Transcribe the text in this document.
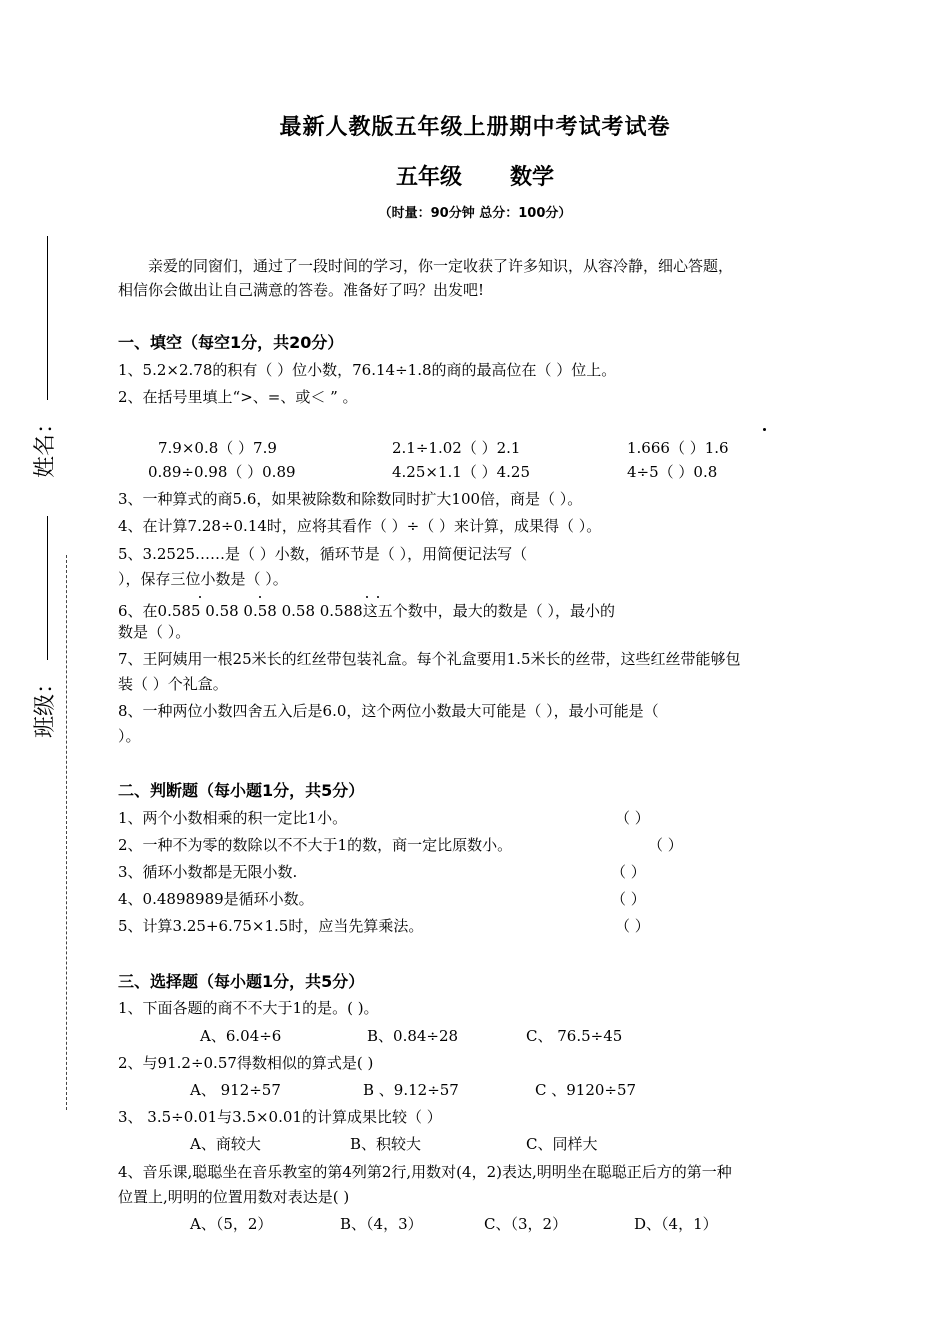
最新人教版五年级上册期中考试考试卷
五年级 数学
（时量：90分钟 总分：100分）
姓名：
班级：
亲爱的同窗们，通过了一段时间的学习，你一定收获了许多知识，从容冷静，细心答题，
相信你会做出让自己满意的答卷。准备好了吗？出发吧!
一、填空（每空1分，共20分）
1、5.2×2.78的积有（ ）位小数，76.14÷1.8的商的最高位在（ ）位上。
2、在括号里填上“>、=、或＜ ” 。
7.9×0.8（ ）7.9	2.1÷1.02（ ）2.1	1.666（ ）1.6
0.89÷0.98（ ）0.89	4.25×1.1（ ）4.25	4÷5（ ）0.8
3、一种算式的商5.6，如果被除数和除数同时扩大100倍，商是（ ）。
4、在计算7.28÷0.14时，应将其看作（ ）÷（ ）来计算，成果得（ ）。
5、3.2525……是（ ）小数，循环节是（ ），用简便记法写（
），保存三位小数是（ ）。
6、在0.585 0.58 0.58 0.58 0.588这五个数中，最大的数是（ ），最小的
数是（ ）。
7、王阿姨用一根25米长的红丝带包装礼盒。每个礼盒要用1.5米长的丝带，这些红丝带能够包
装（ ）个礼盒。
8、一种两位小数四舍五入后是6.0，这个两位小数最大可能是（ ），最小可能是（
）。
二、判断题（每小题1分，共5分）
1、两个小数相乘的积一定比1小。	（ ）
2、一种不为零的数除以不不大于1的数，商一定比原数小。	（ ）
3、循环小数都是无限小数.	（ ）
4、0.4898989是循环小数。	（ ）
5、计算3.25+6.75×1.5时，应当先算乘法。	（ ）
三、选择题（每小题1分，共5分）
1、下面各题的商不不大于1的是。( )。
A、6.04÷6	B、0.84÷28	C、 76.5÷45
2、与91.2÷0.57得数相似的算式是( )
A、 912÷57	B 、9.12÷57	C 、9120÷57
3、 3.5÷0.01与3.5×0.01的计算成果比较（ ）
A、商较大	B、积较大	C、同样大
4、音乐课,聪聪坐在音乐教室的第4列第2行,用数对(4，2)表达,明明坐在聪聪正后方的第一种
位置上,明明的位置用数对表达是( )
A、（5，2）	B、（4，3）	C、（3，2）	D、（4，1）
